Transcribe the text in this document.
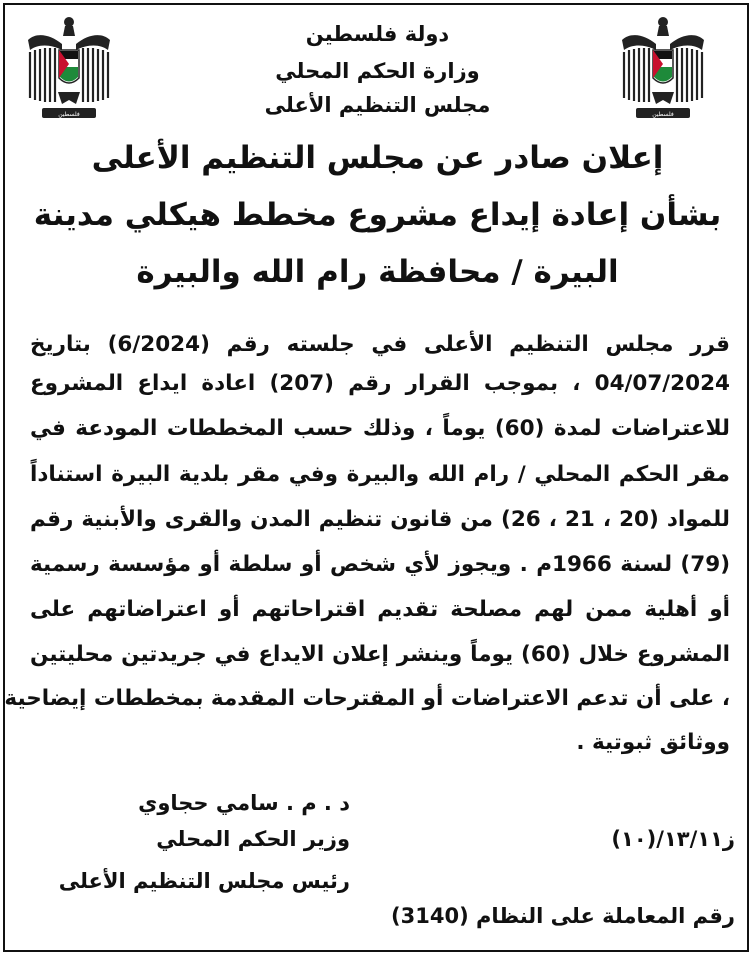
فلسطين	فلسطين
دولة فلسطين
وزارة الحكم المحلي
مجلس التنظيم الأعلى
إعلان صادر عن مجلس التنظيم الأعلى
بشأن إعادة إيداع مشروع مخطط هيكلي مدينة
البيرة / محافظة رام الله والبيرة
قرر مجلس التنظيم الأعلى في جلسته رقم (6/2024) بتاريخ
04/07/2024 ، بموجب القرار رقم (207) اعادة ايداع المشروع
للاعتراضات لمدة (60) يوماً ، وذلك حسب المخططات المودعة في
مقر الحكم المحلي / رام الله والبيرة وفي مقر بلدية البيرة استناداً
للمواد (20 ، 21 ، 26) من قانون تنظيم المدن والقرى والأبنية رقم
(79) لسنة 1966م . ويجوز لأي شخص أو سلطة أو مؤسسة رسمية
أو أهلية ممن لهم مصلحة تقديم اقتراحاتهم أو اعتراضاتهم على
المشروع خلال (60) يوماً وينشر إعلان الايداع في جريدتين محليتين
، على أن تدعم الاعتراضات أو المقترحات المقدمة بمخططات إيضاحية
ووثائق ثبوتية .
د . م . سامي حجاوي
وزير الحكم المحلي
رئيس مجلس التنظيم الأعلى
ز١٣/١١/(١٠)
رقم المعاملة على النظام (3140)
